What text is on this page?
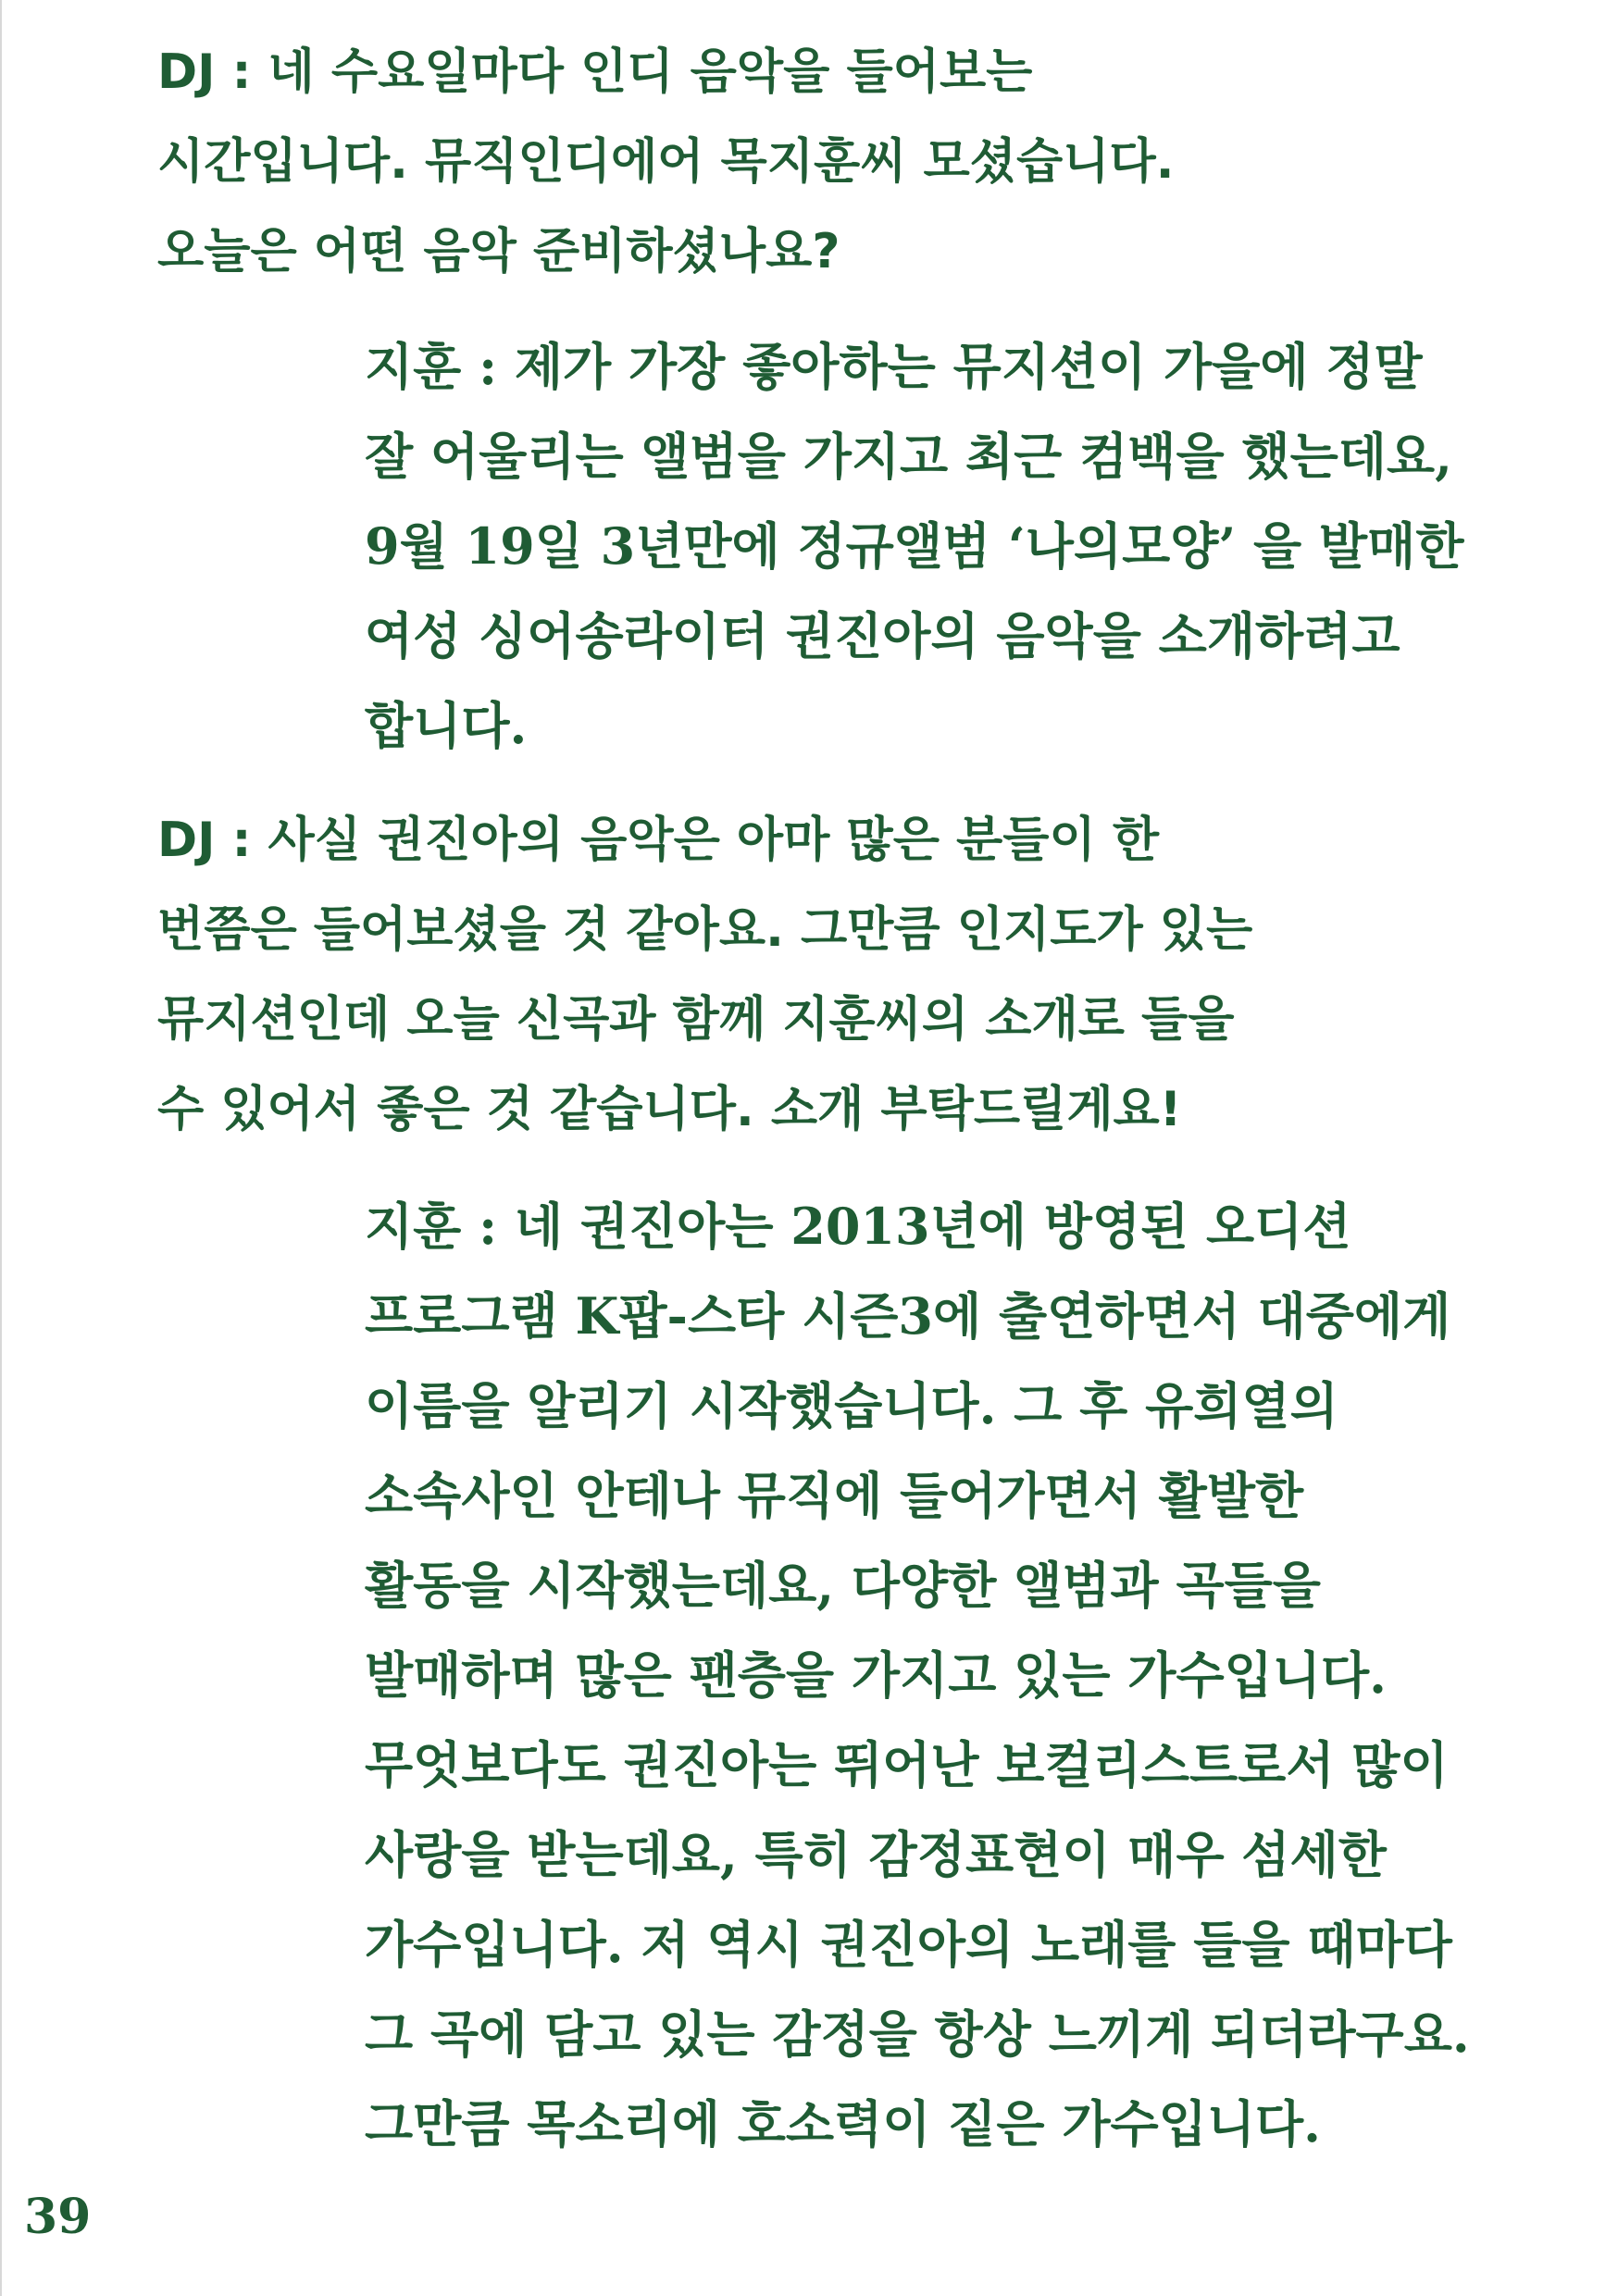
DJ : 네 수요일마다 인디 음악을 들어보는
시간입니다. 뮤직인디에어 목지훈씨 모셨습니다.
오늘은 어떤 음악 준비하셨나요?
지훈 : 제가 가장 좋아하는 뮤지션이 가을에 정말
잘 어울리는 앨범을 가지고 최근 컴백을 했는데요,
9월 19일 3년만에 정규앨범 ‘나의모양’ 을 발매한
여성 싱어송라이터 권진아의 음악을 소개하려고
합니다.
DJ : 사실 권진아의 음악은 아마 많은 분들이 한
번쯤은 들어보셨을 것 같아요. 그만큼 인지도가 있는
뮤지션인데 오늘 신곡과 함께 지훈씨의 소개로 들을
수 있어서 좋은 것 같습니다. 소개 부탁드릴게요!
지훈 : 네 권진아는 2013년에 방영된 오디션
프로그램 K팝-스타 시즌3에 출연하면서 대중에게
이름을 알리기 시작했습니다. 그 후 유희열의
소속사인 안테나 뮤직에 들어가면서 활발한
활동을 시작했는데요, 다양한 앨범과 곡들을
발매하며 많은 팬층을 가지고 있는 가수입니다.
무엇보다도 권진아는 뛰어난 보컬리스트로서 많이
사랑을 받는데요, 특히 감정표현이 매우 섬세한
가수입니다. 저 역시 권진아의 노래를 들을 때마다
그 곡에 담고 있는 감정을 항상 느끼게 되더라구요.
그만큼 목소리에 호소력이 짙은 가수입니다.
39
